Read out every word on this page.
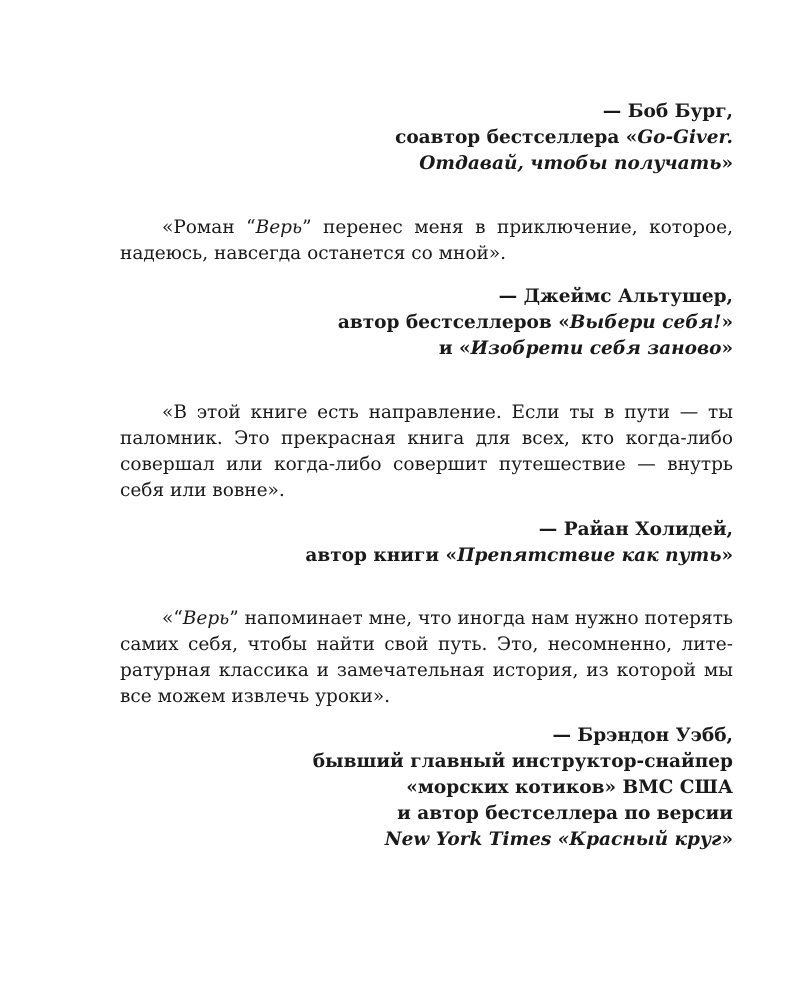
— Боб Бург,
соавтор бестселлера «Go-Giver.
Отдавай, чтобы получать»

«Роман “Верь” перенес меня в приключение, которое, надеюсь, навсегда останется со мной».

— Джеймс Альтушер,
автор бестселлеров «Выбери себя!»
и «Изобрети себя заново»

«В этой книге есть направление. Если ты в пути — ты паломник. Это прекрасная книга для всех, кто когда-либо совершал или когда-либо совершит путешествие — внутрь себя или вовне».

— Райан Холидей,
автор книги «Препятствие как путь»

«“Верь” напоминает мне, что иногда нам нужно потерять самих себя, чтобы найти свой путь. Это, несомненно, литературная классика и замечательная история, из которой мы все можем извлечь уроки».

— Брэндон Уэбб,
бывший главный инструктор-снайпер
«морских котиков» ВМС США
и автор бестселлера по версии
New York Times «Красный круг»
